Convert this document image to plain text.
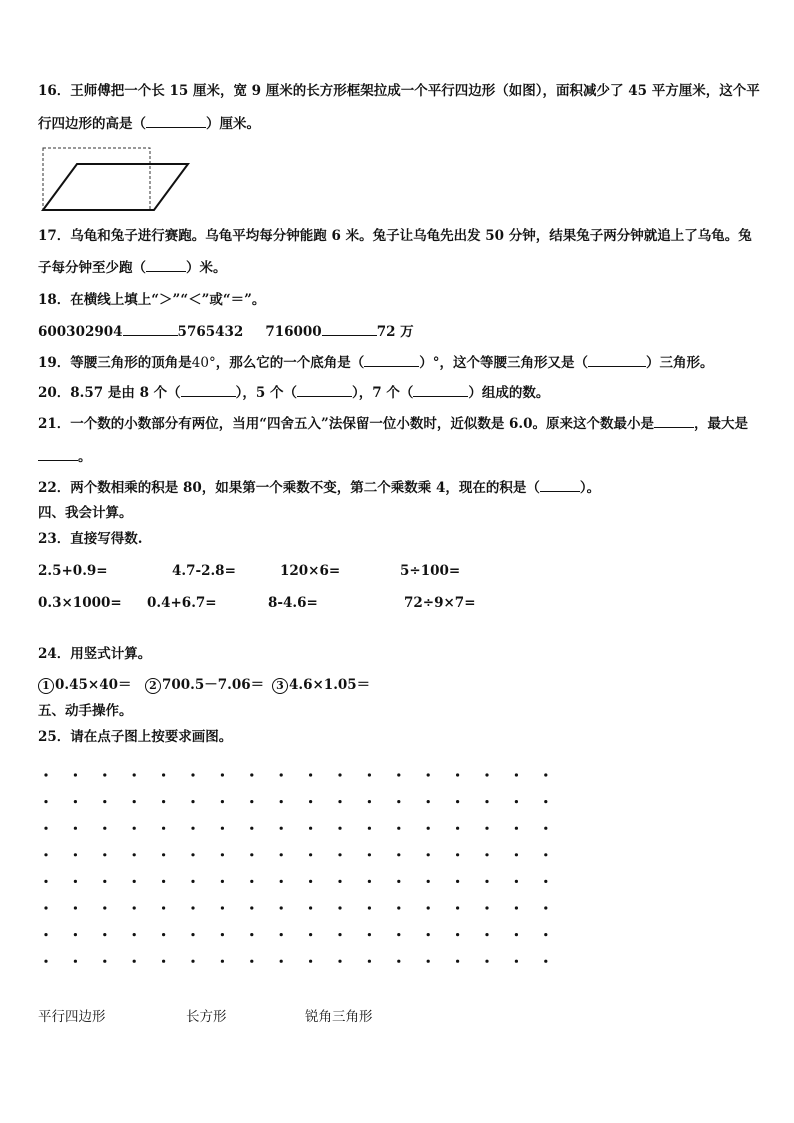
16．王师傅把一个长 15 厘米，宽 9 厘米的长方形框架拉成一个平行四边形（如图），面积减少了 45 平方厘米，这个平
行四边形的高是（	）厘米。
17．乌龟和兔子进行赛跑。乌龟平均每分钟能跑 6 米。兔子让乌龟先出发 50 分钟，结果兔子两分钟就追上了乌龟。兔
子每分钟至少跑（	）米。
18．在横线上填上“＞”“＜”或“＝”。
600302904	5765432 716000	72 万
19．等腰三角形的顶角是40°，那么它的一个底角是（	）°，这个等腰三角形又是（	）三角形。
20．8.57 是由 8 个（	），5 个（	），7 个（	）组成的数。
21．一个数的小数部分有两位，当用“四舍五入”法保留一位小数时，近似数是 6.0。原来这个数最小是	，最大是
。
22．两个数相乘的积是 80，如果第一个乘数不变，第二个乘数乘 4，现在的积是（	）。
四、我会计算。
23．直接写得数.
2.5+0.9=	4.7-2.8=	120×6=	5÷100=
0.3×1000= 0.4+6.7=	8-4.6=	72÷9×7=
24．用竖式计算。
1 0.45×40＝	2 700.5－7.06＝	3 4.6×1.05＝
五、动手操作。
25．请在点子图上按要求画图。
平行四边形	长方形	锐角三角形
